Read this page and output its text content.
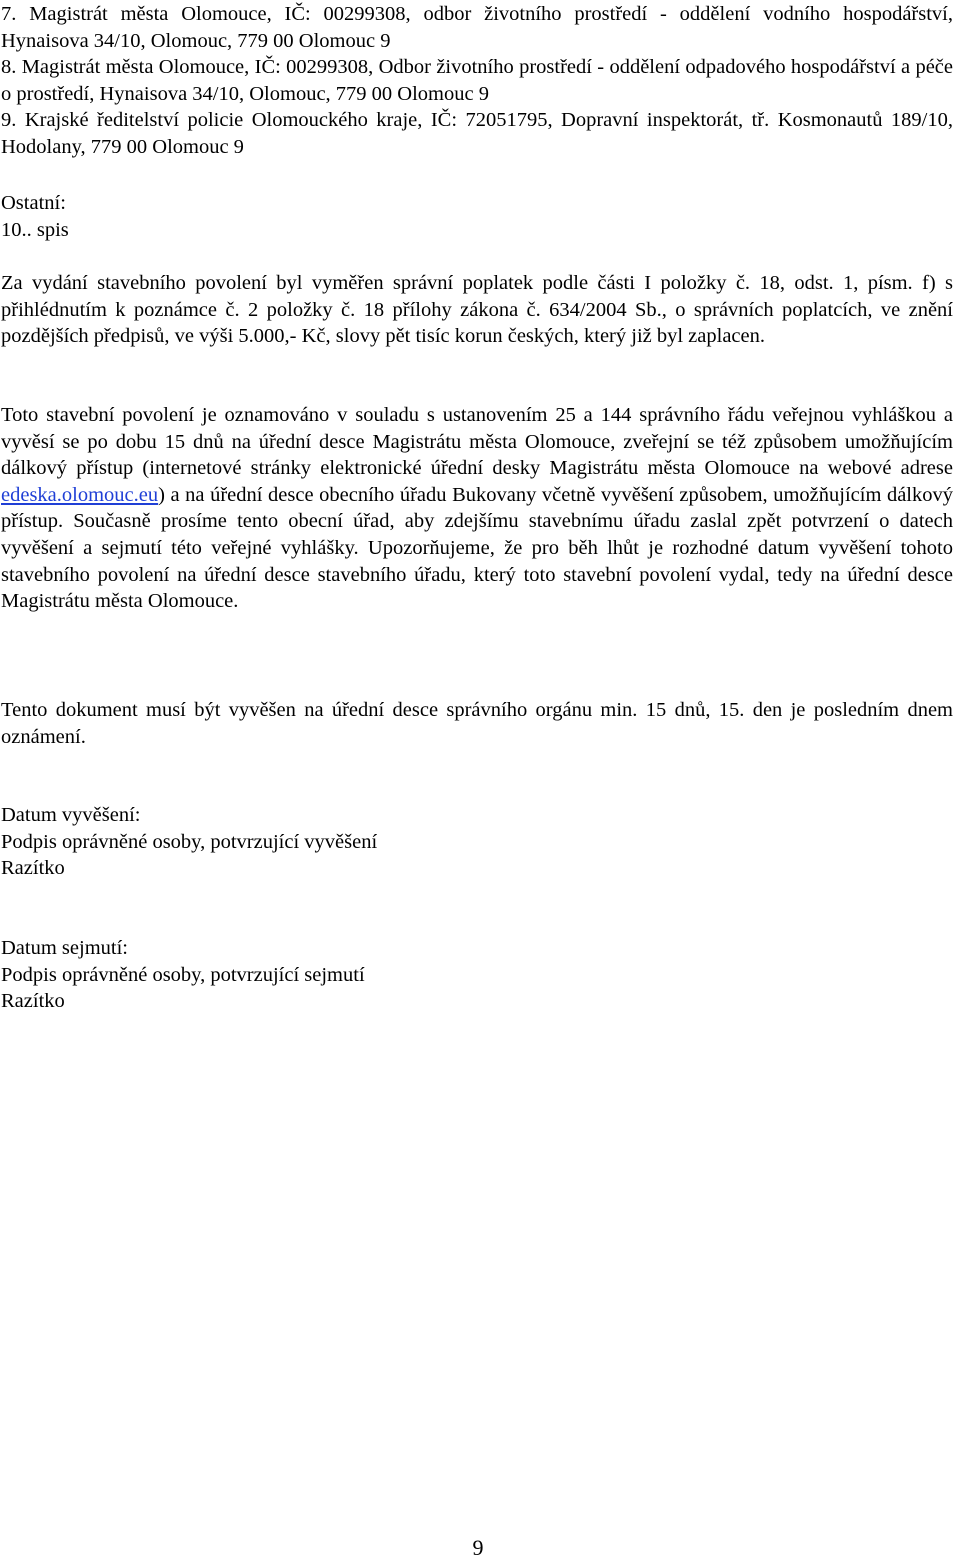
7. Magistrát města Olomouce, IČ: 00299308, odbor životního prostředí - oddělení vodního hospodářství, Hynaisova 34/10, Olomouc, 779 00 Olomouc 9

8. Magistrát města Olomouce, IČ: 00299308, Odbor životního prostředí - oddělení odpadového hospodářství a péče o prostředí, Hynaisova 34/10, Olomouc, 779 00 Olomouc 9

9. Krajské ředitelství policie Olomouckého kraje, IČ: 72051795, Dopravní inspektorát, tř. Kosmonautů 189/10, Hodolany, 779 00 Olomouc 9

Ostatní:

10.. spis

Za vydání stavebního povolení byl vyměřen správní poplatek podle části I položky č. 18, odst. 1, písm. f) s přihlédnutím k poznámce č. 2 položky č. 18 přílohy zákona č. 634/2004 Sb., o správních poplatcích, ve znění pozdějších předpisů, ve výši 5.000,- Kč, slovy pět tisíc korun českých, který již byl zaplacen.

Toto stavební povolení je oznamováno v souladu s ustanovením 25 a 144 správního řádu veřejnou vyhláškou a vyvěsí se po dobu 15 dnů na úřední desce Magistrátu města Olomouce, zveřejní se též způsobem umožňujícím dálkový přístup (internetové stránky elektronické úřední desky Magistrátu města Olomouce na webové adrese edeska.olomouc.eu) a na úřední desce obecního úřadu Bukovany včetně vyvěšení způsobem, umožňujícím dálkový přístup. Současně prosíme tento obecní úřad, aby zdejšímu stavebnímu úřadu zaslal zpět potvrzení o datech vyvěšení a sejmutí této veřejné vyhlášky. Upozorňujeme, že pro běh lhůt je rozhodné datum vyvěšení tohoto stavebního povolení na úřední desce stavebního úřadu, který toto stavební povolení vydal, tedy na úřední desce Magistrátu města Olomouce.

Tento dokument musí být vyvěšen na úřední desce správního orgánu min. 15 dnů, 15. den je posledním dnem oznámení.

Datum vyvěšení:

Podpis oprávněné osoby, potvrzující vyvěšení

Razítko

Datum sejmutí:

Podpis oprávněné osoby, potvrzující sejmutí

Razítko

9
